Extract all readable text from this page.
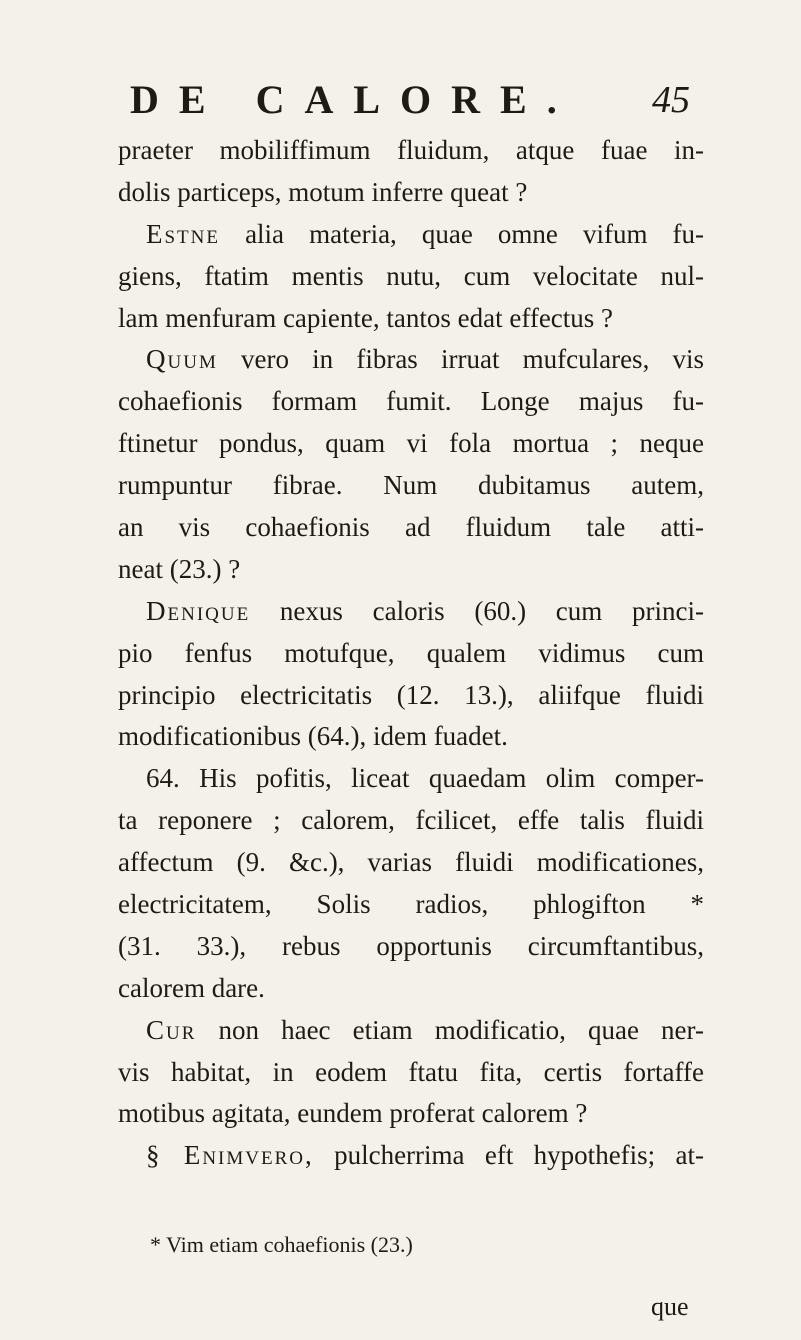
DE CALORE. 45
praeter mobiliffimum fluidum, atque fuae in-
dolis particeps, motum inferre queat ?
Estne alia materia, quae omne vifum fu-
giens, ftatim mentis nutu, cum velocitate nul-
lam menfuram capiente, tantos edat effectus ?
Quum vero in fibras irruat mufculares, vis
cohaefionis formam fumit. Longe majus fu-
ftinetur pondus, quam vi fola mortua ; neque
rumpuntur fibrae. Num dubitamus autem,
an vis cohaefionis ad fluidum tale atti-
neat (23.) ?
Denique nexus caloris (60.) cum princi-
pio fenfus motufque, qualem vidimus cum
principio electricitatis (12. 13.), aliifque fluidi
modificationibus (64.), idem fuadet.
64. His pofitis, liceat quaedam olim comper-
ta reponere ; calorem, fcilicet, effe talis fluidi
affectum (9. &c.), varias fluidi modificationes,
electricitatem, Solis radios, phlogifton *
(31. 33.), rebus opportunis circumftantibus,
calorem dare.
Cur non haec etiam modificatio, quae ner-
vis habitat, in eodem ftatu fita, certis fortaffe
motibus agitata, eundem proferat calorem ?
§ Enimvero, pulcherrima eft hypothefis; at-
* Vim etiam cohaefionis (23.)
que
